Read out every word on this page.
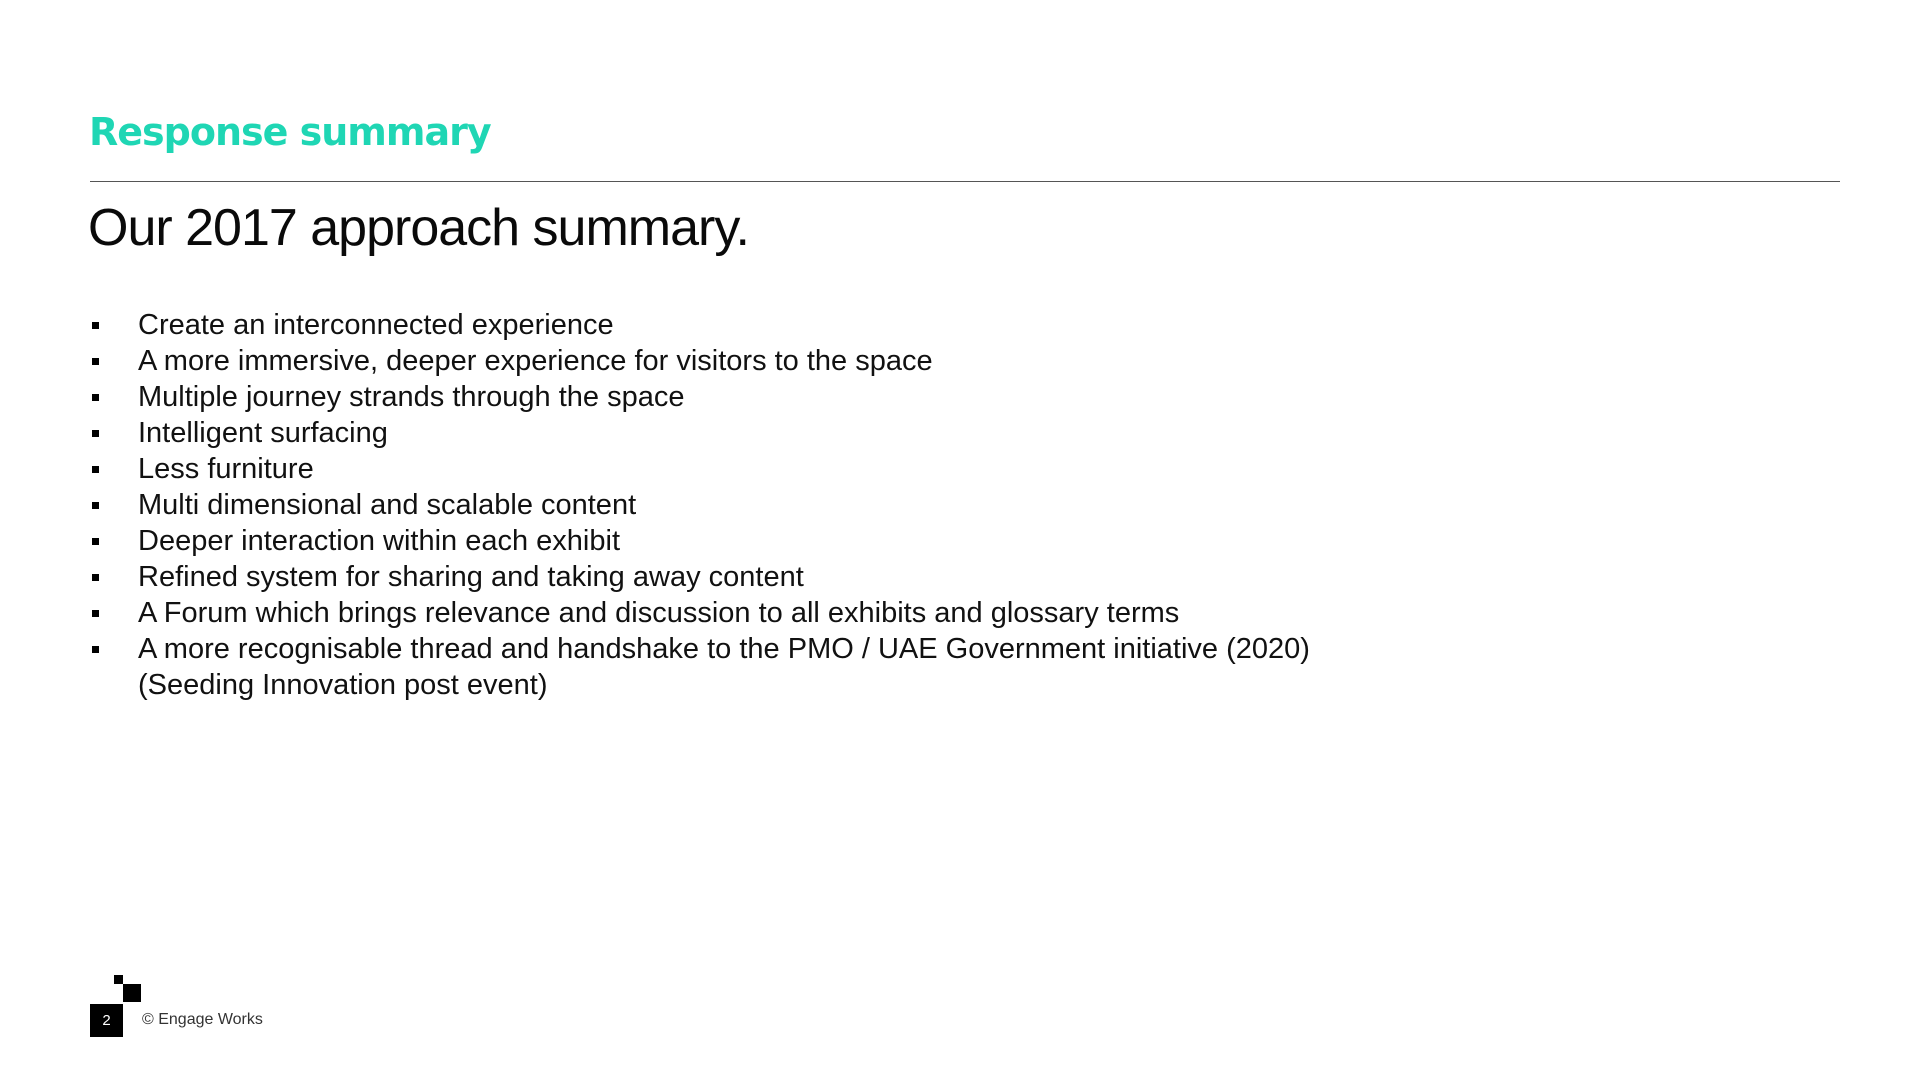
Response summary
Our 2017 approach summary.
Create an interconnected experience
A more immersive, deeper experience for visitors to the space
Multiple journey strands through the space
Intelligent surfacing
Less furniture
Multi dimensional and scalable content
Deeper interaction within each exhibit
Refined system for sharing and taking away content
A Forum which brings relevance and discussion to all exhibits and glossary terms
A more recognisable thread and handshake to the PMO / UAE Government initiative (2020)
(Seeding Innovation post event)
2	© Engage Works
